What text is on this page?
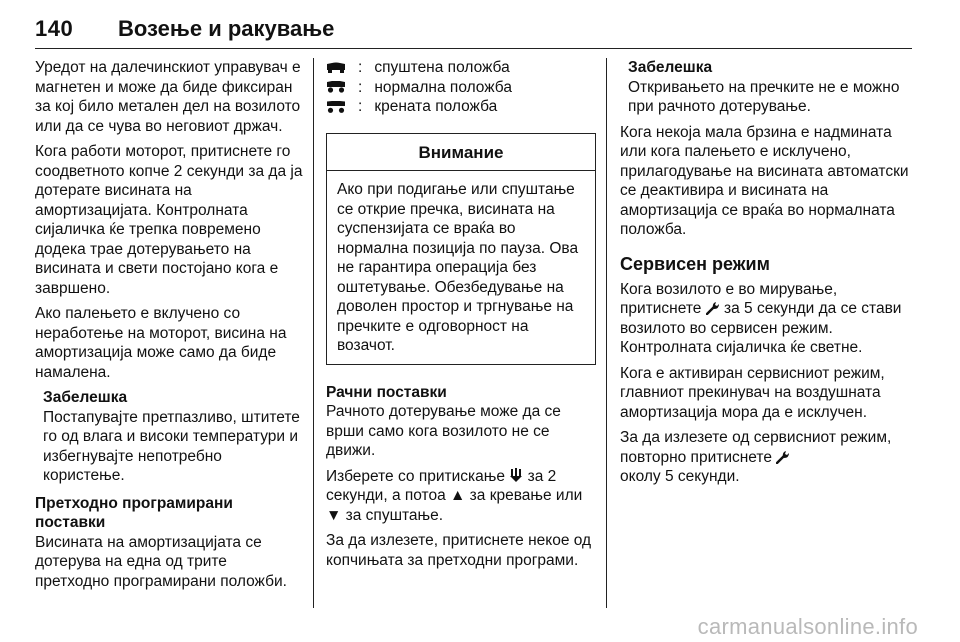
140 Возење и ракување

Уредот на далечинскиот управувач е магнетен и може да биде фиксиран за кој било метален дел на возилото или да се чува во неговиот држач.

Кога работи моторот, притиснете го соодветното копче 2 секунди за да ја дотерате висината на амортизацијата. Контролната сијаличка ќе трепка повремено додека трае дотерувањето на висината и свети постојано кога е завршено.

Ако палењето е вклучено со неработење на моторот, висина на амортизација може само да биде намалена.

Забелешка
Постапувајте претпазливо, штитете го од влага и високи температури и избегнувајте непотребно користење.
Претходно програмирани поставки

Висината на амортизацијата се дотерува на една од трите претходно програмирани положби.

: спуштена положба
: нормална положба
: кренатa положба
Внимание
Ако при подигање или спуштање се открие пречка, висината на суспензијата се враќа во нормална позиција по пауза. Ова не гарантира операција без оштетување. Обезбедување на доволен простор и тргнување на пречките е одговорност на возачот.
Рачни поставки

Рачното дотерување може да се врши само кога возилото не се движи.

Изберете со притискање за 2 секунди, а потоа ▲ за кревање или ▼ за спуштање.

За да излезете, притиснете некое од копчињата за претходни програми.

Забелешка
Откривањето на пречките не е можно при рачното дотерување.

Кога некоја мала брзина е надмината или кога палењето е исклучено, прилагодување на висината автоматски се деактивира и висината на амортизација се враќа во нормалната положба.

Сервисен режим

Кога возилото е во мирување, притиснете за 5 секунди да се стави возилото во сервисен режим. Контролната сијаличка ќе светне.

Кога е активиран сервисниот режим, главниот прекинувач на воздушната амортизација мора да е исклучен.

За да излезете од сервисниот режим, повторно притиснете
околу 5 секунди.

carmanualsonline.info
